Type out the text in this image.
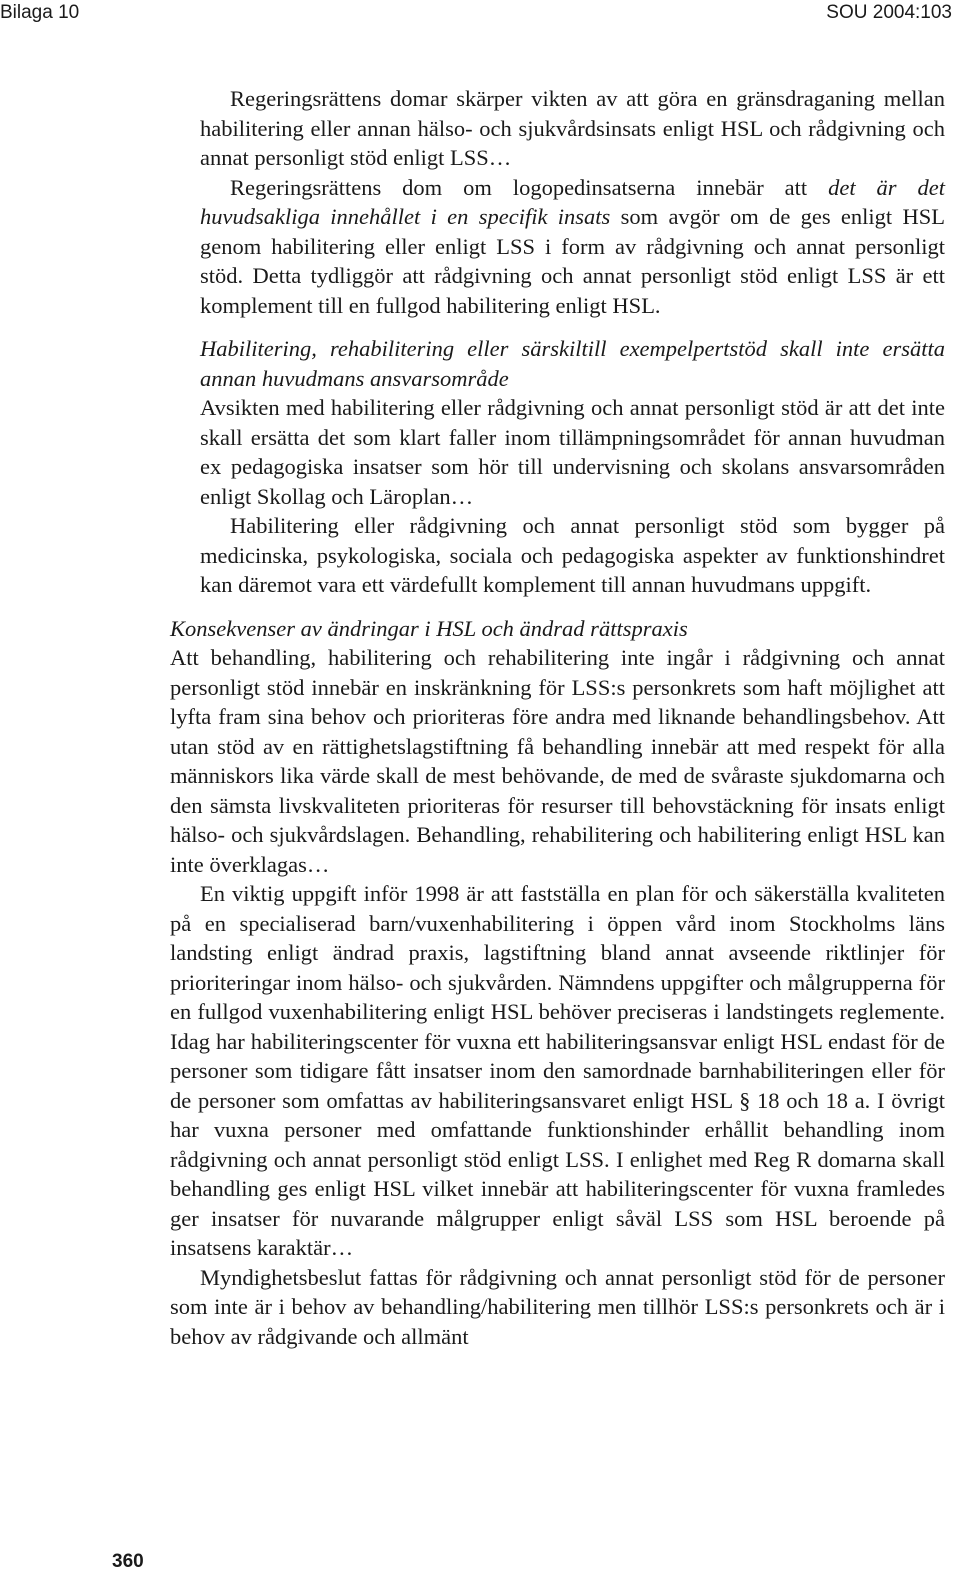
Bilaga 10	SOU 2004:103

Regeringsrättens domar skärper vikten av att göra en gränsdraganing mellan habilitering eller annan hälso- och sjukvårdsinsats enligt HSL och rådgivning och annat personligt stöd enligt LSS…

Regeringsrättens dom om logopedinsatserna innebär att det är det huvudsakliga innehållet i en specifik insats som avgör om de ges enligt HSL genom habilitering eller enligt LSS i form av rådgivning och annat personligt stöd. Detta tydliggör att rådgivning och annat personligt stöd enligt LSS är ett komplement till en fullgod habilitering enligt HSL.

Habilitering, rehabilitering eller särskiltill exempelpertstöd skall inte ersätta annan huvudmans ansvarsområde

Avsikten med habilitering eller rådgivning och annat personligt stöd är att det inte skall ersätta det som klart faller inom tillämpningsområdet för annan huvudman ex pedagogiska insatser som hör till undervisning och skolans ansvarsområden enligt Skollag och Läroplan…

Habilitering eller rådgivning och annat personligt stöd som bygger på medicinska, psykologiska, sociala och pedagogiska aspekter av funktionshindret kan däremot vara ett värdefullt komplement till annan huvudmans uppgift.

Konsekvenser av ändringar i HSL och ändrad rättspraxis

Att behandling, habilitering och rehabilitering inte ingår i rådgivning och annat personligt stöd innebär en inskränkning för LSS:s personkrets som haft möjlighet att lyfta fram sina behov och prioriteras före andra med liknande behandlingsbehov. Att utan stöd av en rättighetslagstiftning få behandling innebär att med respekt för alla människors lika värde skall de mest behövande, de med de svåraste sjukdomarna och den sämsta livskvaliteten prioriteras för resurser till behovstäckning för insats enligt hälso- och sjukvårdslagen. Behandling, rehabilitering och habilitering enligt HSL kan inte överklagas…

En viktig uppgift inför 1998 är att fastställa en plan för och säkerställa kvaliteten på en specialiserad barn/vuxenhabilitering i öppen vård inom Stockholms läns landsting enligt ändrad praxis, lagstiftning bland annat avseende riktlinjer för prioriteringar inom hälso- och sjukvården. Nämndens uppgifter och målgrupperna för en fullgod vuxenhabilitering enligt HSL behöver preciseras i landstingets reglemente. Idag har habiliteringscenter för vuxna ett habiliteringsansvar enligt HSL endast för de personer som tidigare fått insatser inom den samordnade barnhabiliteringen eller för de personer som omfattas av habiliteringsansvaret enligt HSL § 18 och 18 a. I övrigt har vuxna personer med omfattande funktionshinder erhållit behandling inom rådgivning och annat personligt stöd enligt LSS. I enlighet med Reg R domarna skall behandling ges enligt HSL vilket innebär att habiliteringscenter för vuxna framledes ger insatser för nuvarande målgrupper enligt såväl LSS som HSL beroende på insatsens karaktär…

Myndighetsbeslut fattas för rådgivning och annat personligt stöd för de personer som inte är i behov av behandling/habilitering men tillhör LSS:s personkrets och är i behov av rådgivande och allmänt

360
